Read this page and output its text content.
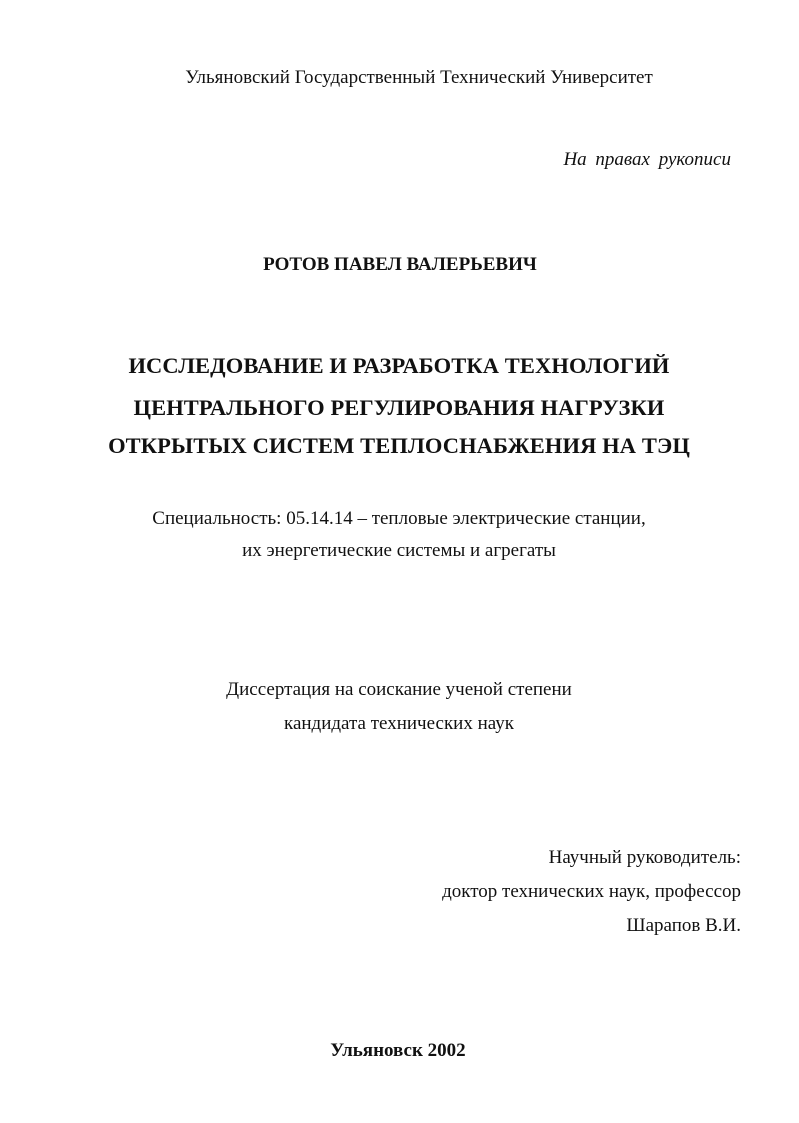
Ульяновский Государственный Технический Университет
На правах рукописи
РОТОВ ПАВЕЛ ВАЛЕРЬЕВИЧ
ИССЛЕДОВАНИЕ И РАЗРАБОТКА ТЕХНОЛОГИЙ
ЦЕНТРАЛЬНОГО РЕГУЛИРОВАНИЯ НАГРУЗКИ
ОТКРЫТЫХ СИСТЕМ ТЕПЛОСНАБЖЕНИЯ НА ТЭЦ
Специальность: 05.14.14 – тепловые электрические станции,
их энергетические системы и агрегаты
Диссертация на соискание ученой степени
кандидата технических наук
Научный руководитель:
доктор технических наук, профессор
Шарапов В.И.
Ульяновск 2002
